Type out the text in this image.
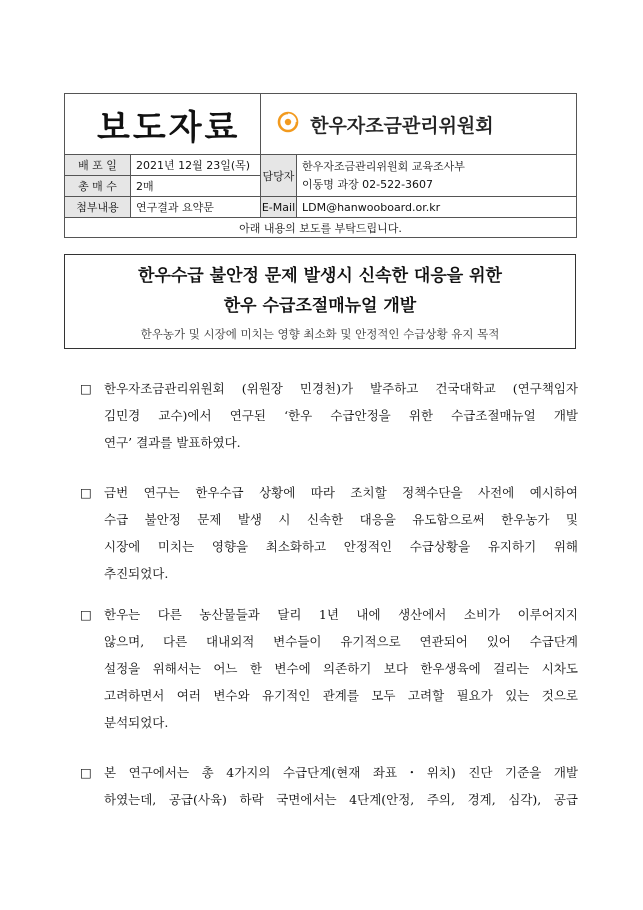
보도자료		한우자조금관리위원회	
배 포 일	2021년 12월 23일(목)	담당자	한우자조금관리위원회 교육조사부
이동명 과장 02-522-3607

총 매 수	2매		
첨부내용	연구결과 요약문	E-Mail	LDM@hanwooboard.or.kr
아래 내용의 보도를 부탁드립니다.			
한우수급 불안정 문제 발생시 신속한 대응을 위한
한우 수급조절매뉴얼 개발
한우농가 및 시장에 미치는 영향 최소화 및 안정적인 수급상황 유지 목적
□ 한우자조금관리위원회 (위원장 민경천)가 발주하고 건국대학교 (연구책임자
김민경 교수)에서 연구된 ‘한우 수급안정을 위한 수급조절매뉴얼 개발
연구’ 결과를 발표하였다.
□ 금번 연구는 한우수급 상황에 따라 조치할 정책수단을 사전에 예시하여
수급 불안정 문제 발생 시 신속한 대응을 유도함으로써 한우농가 및
시장에 미치는 영향을 최소화하고 안정적인 수급상황을 유지하기 위해
추진되었다.
□ 한우는 다른 농산물들과 달리 1년 내에 생산에서 소비가 이루어지지
않으며, 다른 대내외적 변수들이 유기적으로 연관되어 있어 수급단계
설정을 위해서는 어느 한 변수에 의존하기 보다 한우생육에 걸리는 시차도
고려하면서 여러 변수와 유기적인 관계를 모두 고려할 필요가 있는 것으로
분석되었다.
□ 본 연구에서는 총 4가지의 수급단계(현재 좌표・위치) 진단 기준을 개발
하였는데, 공급(사육) 하락 국면에서는 4단계(안정, 주의, 경계, 심각), 공급
